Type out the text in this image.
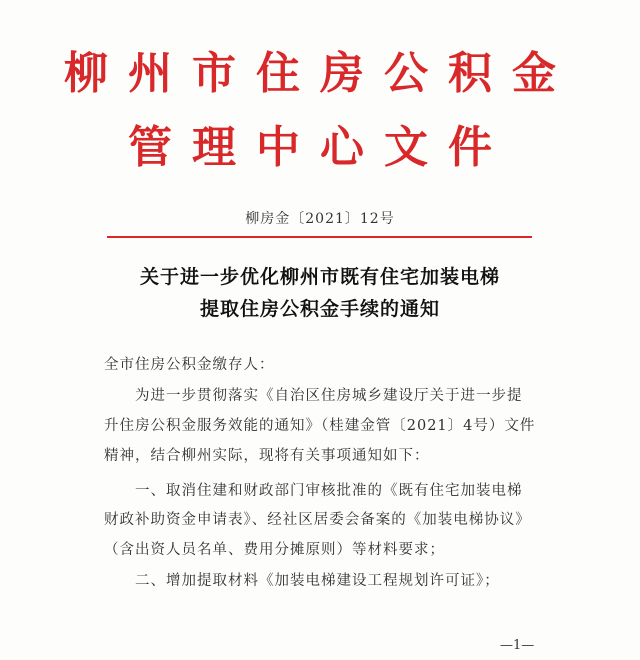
柳州市住房公积金
管理中心文件
柳房金〔2021〕12号
关于进一步优化柳州市既有住宅加装电梯
提取住房公积金手续的通知
全市住房公积金缴存人：
为进一步贯彻落实《自治区住房城乡建设厅关于进一步提
升住房公积金服务效能的通知》（桂建金管〔2021〕4号）文件
精神，结合柳州实际，现将有关事项通知如下：
一、取消住建和财政部门审核批准的《既有住宅加装电梯
财政补助资金申请表》、经社区居委会备案的《加装电梯协议》
（含出资人员名单、费用分摊原则）等材料要求；
二、增加提取材料《加装电梯建设工程规划许可证》；
—1—
